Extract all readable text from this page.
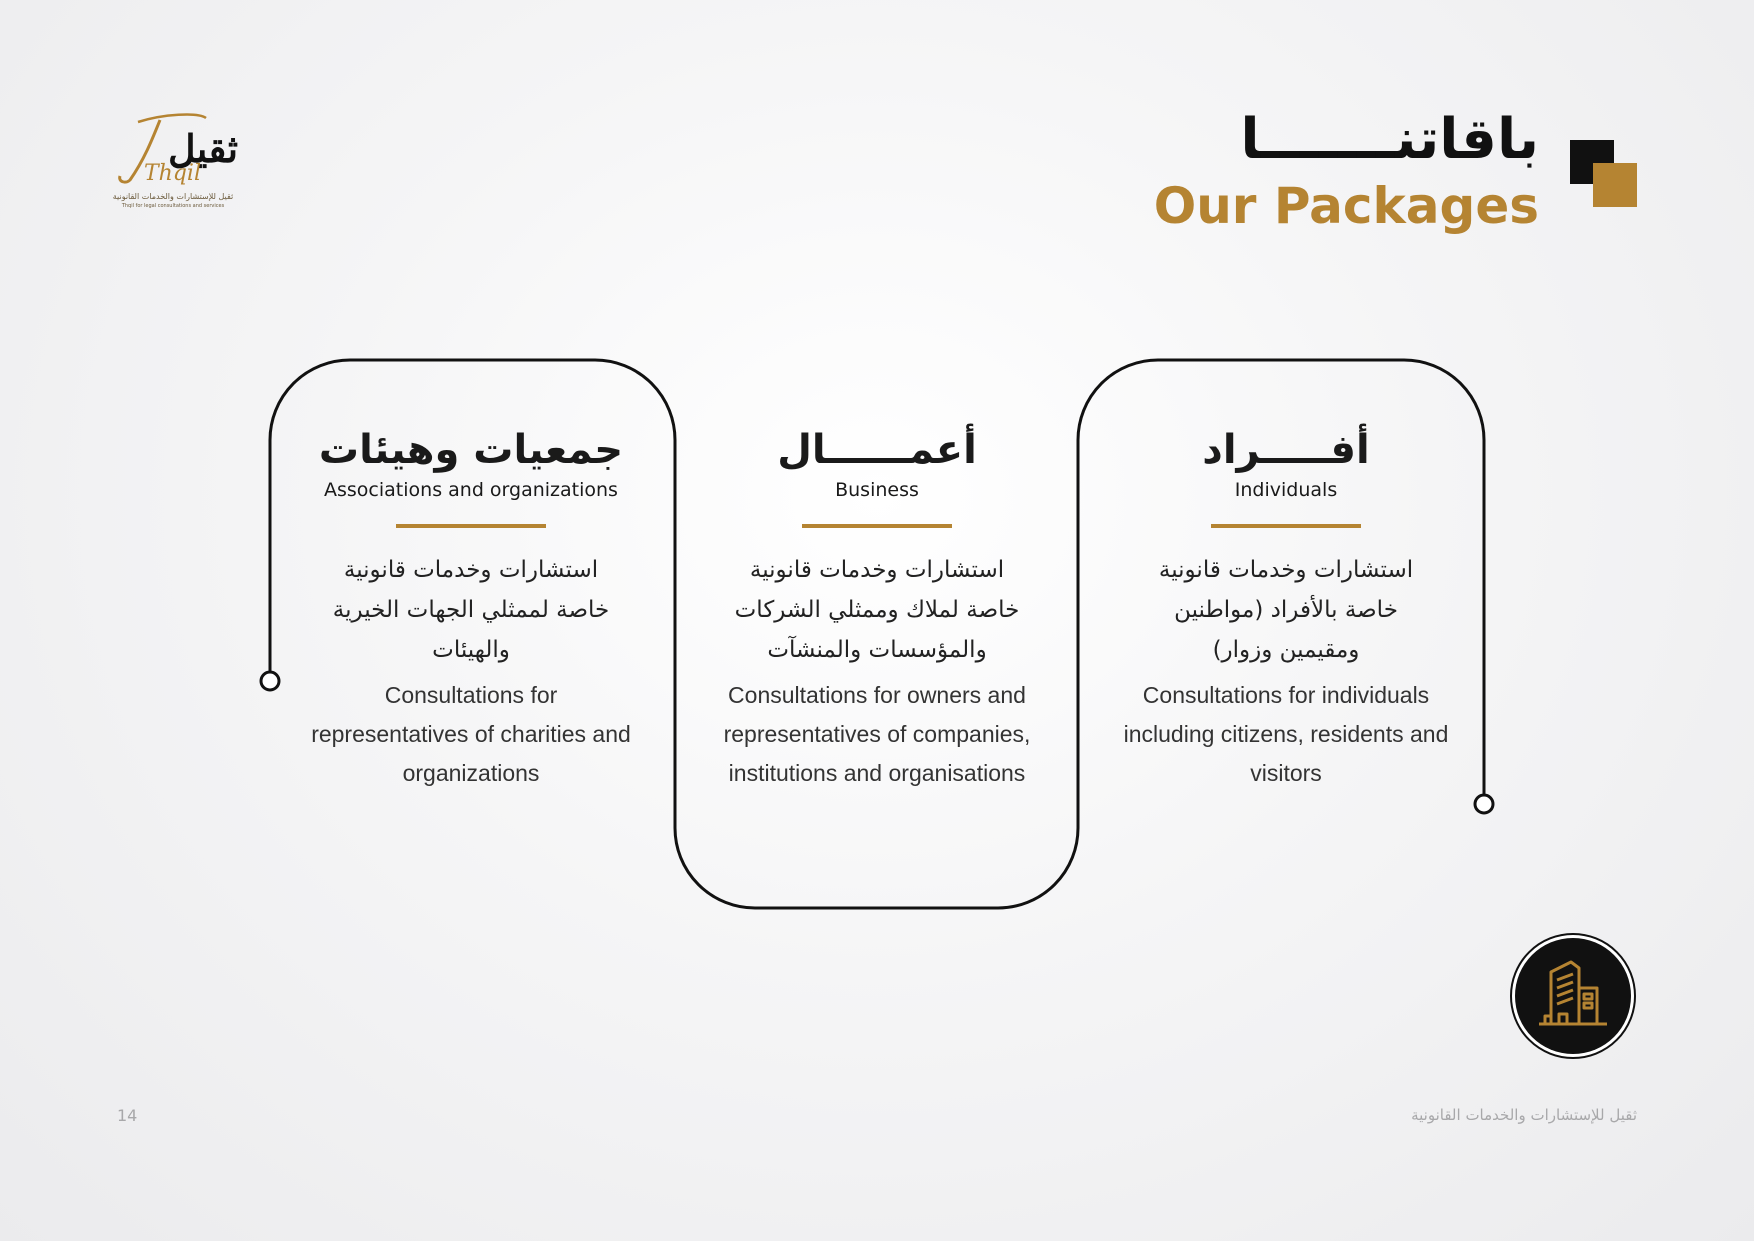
ثقيل
Thqil
ثقيل للإستشارات والخدمات القانونية
Thqil for legal consultations and services
باقاتنـــــــا
Our Packages
جمعيات وهيئات
Associations and organizations
استشارات وخدمات قانونية خاصة لممثلي الجهات الخيرية والهيئات
Consultations for representatives of charities and organizations
أعمــــــال
Business
استشارات وخدمات قانونية خاصة لملاك وممثلي الشركات والمؤسسات والمنشآت
Consultations for owners and representatives of companies, institutions and organisations
أفـــــراد
Individuals
استشارات وخدمات قانونية خاصة بالأفراد (مواطنين ومقيمين وزوار)
Consultations for individuals including citizens, residents and visitors
14	ثقيل للإستشارات والخدمات القانونية
